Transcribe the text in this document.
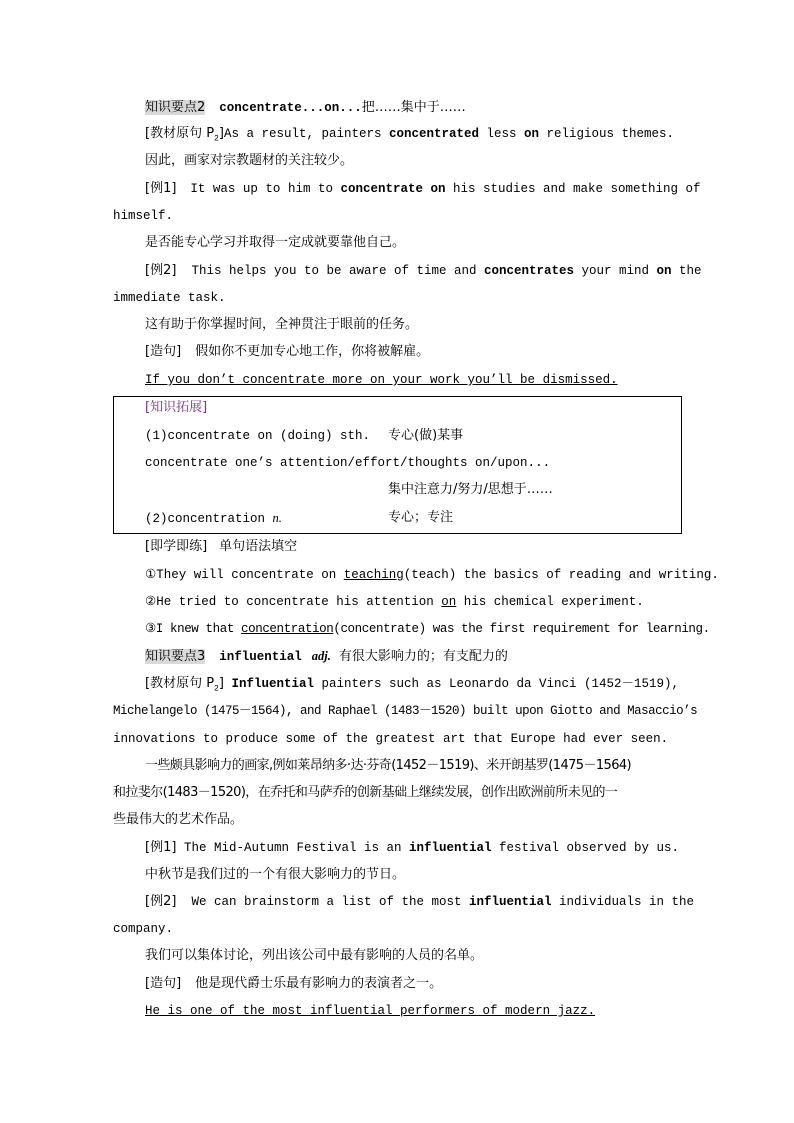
知识要点2 concentrate...on...把……集中于……
[教材原句 $P_2]As$ a result, painters concentrated less on religious themes.
因此，画家对宗教题材的关注较少。
[例1] It was up to him to concentrate on his studies and make something of
himself.
是否能专心学习并取得一定成就要靠他自己。
[例2] This helps you to be aware of time and concentrates your mind on the
immediate task.
这有助于你掌握时间，全神贯注于眼前的任务。
[造句] 假如你不更加专心地工作，你将被解雇。
If you don’t concentrate more on your work you’ll be dismissed.
[知识拓展]
(1)concentrate on (doing) sth. 专心(做)某事
concentrate one’s attention/effort/thoughts on/upon...
集中注意力/努力/思想于……
(2)concentration n.	专心；专注
[即学即练] 单句语法填空
①They will concentrate on teaching(teach) the basics of reading and writing.
②He tried to concentrate his attention on his chemical experiment.
③I knew that concentration(concentrate) was the first requirement for learning.
知识要点3 influential adj. 有很大影响力的；有支配力的
[教材原句 $P_2$] Influential painters such as Leonardo da Vinci (1452－1519),
Michelangelo (1475－1564), and Raphael (1483－1520) built upon Giotto and Masaccio’s
innovations to produce some of the greatest art that Europe had ever seen.
一些颇具影响力的画家,例如莱昂纳多·达·芬奇(1452－1519)、米开朗基罗(1475－1564)
和拉斐尔(1483－1520)，在乔托和马萨乔的创新基础上继续发展，创作出欧洲前所未见的一
些最伟大的艺术作品。
[例1] The Mid-Autumn Festival is an influential festival observed by us.
中秋节是我们过的一个有很大影响力的节日。
[例2] We can brainstorm a list of the most influential individuals in the
company.
我们可以集体讨论，列出该公司中最有影响的人员的名单。
[造句] 他是现代爵士乐最有影响力的表演者之一。
He is one of the most influential performers of modern jazz.
